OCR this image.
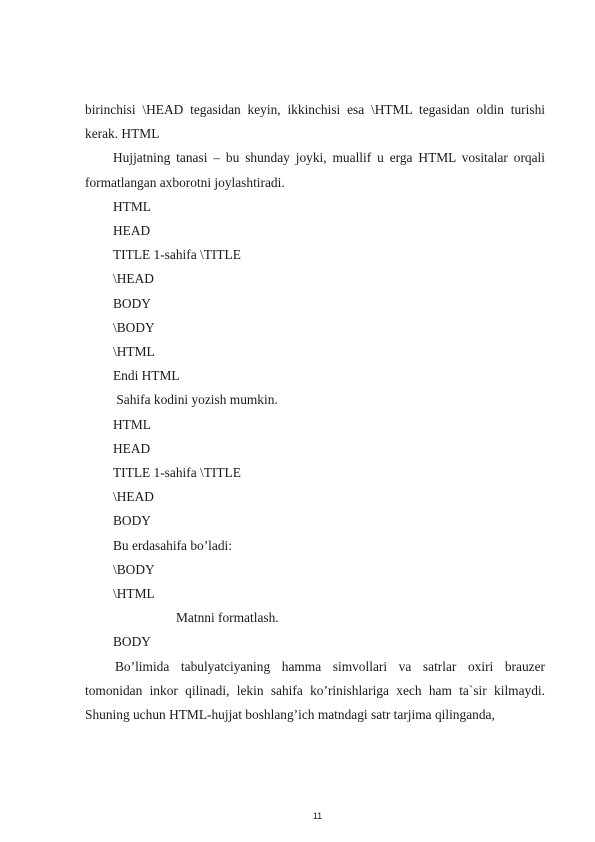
birinchisi \HEAD tegasidan keyin, ikkinchisi esa \HTML tegasidan oldin turishi kerak. HTML

Hujjatning tanasi – bu shunday joyki, muallif u erga HTML vositalar orqali formatlangan axborotni joylashtiradi.

HTML

HEAD

TITLE 1-sahifa \TITLE

\HEAD

BODY

\BODY

\HTML

Endi HTML

Sahifa kodini yozish mumkin.

HTML

HEAD

TITLE 1-sahifa \TITLE

\HEAD

BODY

Bu erdasahifa bo’ladi:

\BODY

\HTML

Matnni formatlash.

BODY

Bo’limida tabulyatciyaning hamma simvollari va satrlar oxiri brauzer tomonidan inkor qilinadi, lekin sahifa ko’rinishlariga xech ham ta`sir kilmaydi. Shuning uchun HTML-hujjat boshlang’ich matndagi satr tarjima qilinganda,

11
